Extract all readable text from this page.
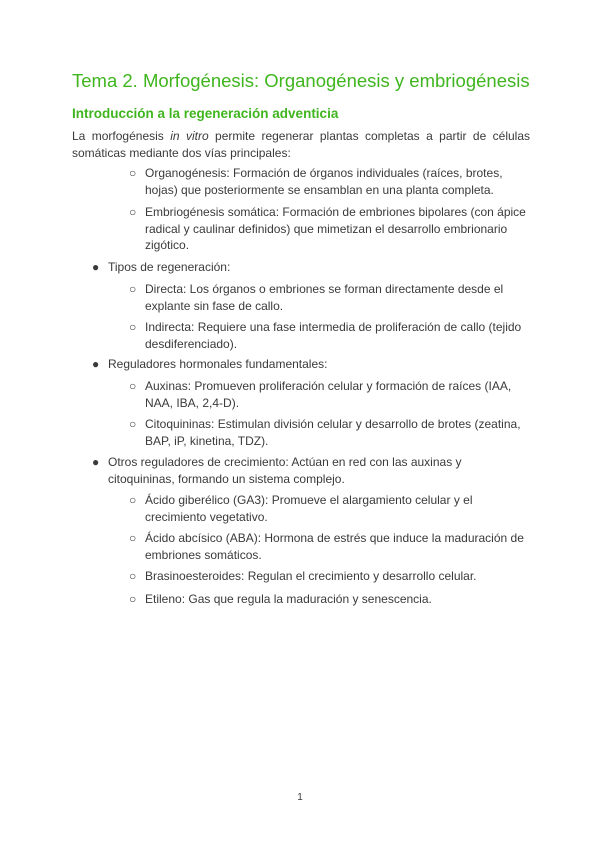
Tema 2. Morfogénesis: Organogénesis y embriogénesis
Introducción a la regeneración adventicia

La morfogénesis in vitro permite regenerar plantas completas a partir de células somáticas mediante dos vías principales:

○ Organogénesis: Formación de órganos individuales (raíces, brotes, hojas) que posteriormente se ensamblan en una planta completa.

○ Embriogénesis somática: Formación de embriones bipolares (con ápice radical y caulinar definidos) que mimetizan el desarrollo embrionario zigótico.

● Tipos de regeneración:

○ Directa: Los órganos o embriones se forman directamente desde el explante sin fase de callo.

○ Indirecta: Requiere una fase intermedia de proliferación de callo (tejido desdiferenciado).

● Reguladores hormonales fundamentales:

○ Auxinas: Promueven proliferación celular y formación de raíces (IAA, NAA, IBA, 2,4-D).

○ Citoquininas: Estimulan división celular y desarrollo de brotes (zeatina, BAP, iP, kinetina, TDZ).

● Otros reguladores de crecimiento: Actúan en red con las auxinas y citoquininas, formando un sistema complejo.

○ Ácido giberélico (GA3): Promueve el alargamiento celular y el crecimiento vegetativo.

○ Ácido abcísico (ABA): Hormona de estrés que induce la maduración de embriones somáticos.

○ Brasinoesteroides: Regulan el crecimiento y desarrollo celular.

○ Etileno: Gas que regula la maduración y senescencia.

1
